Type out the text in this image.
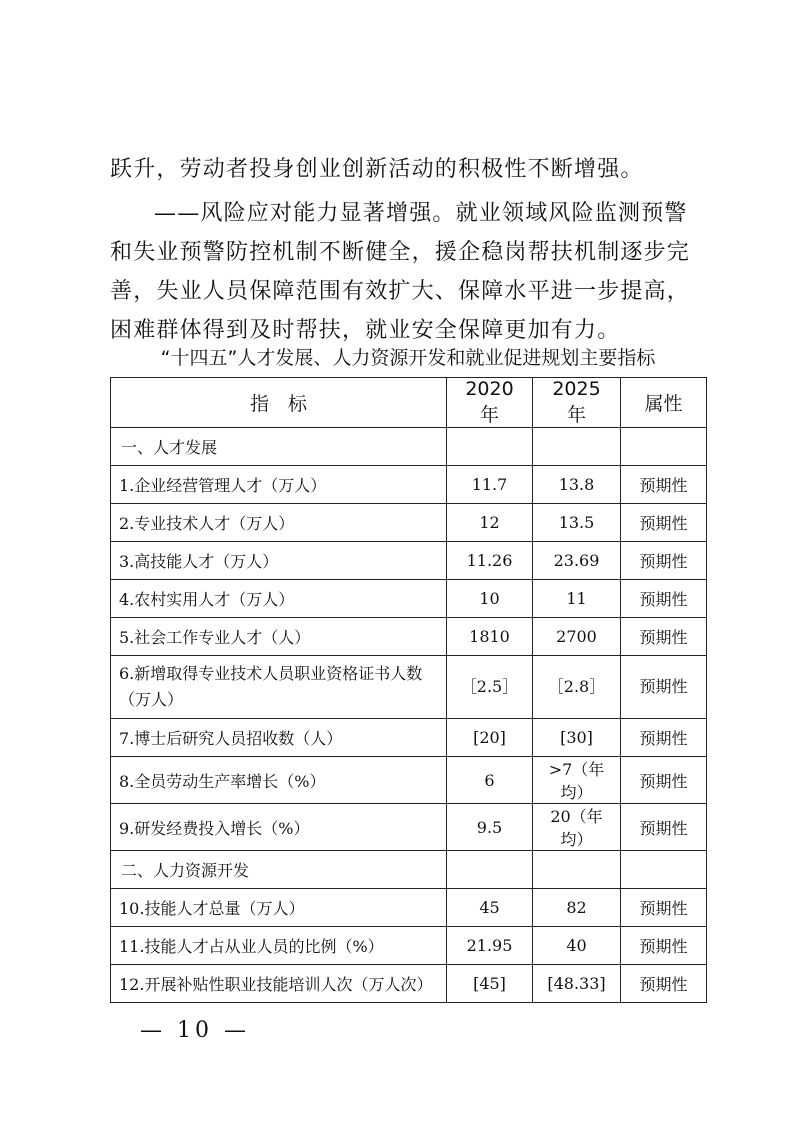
跃升，劳动者投身创业创新活动的积极性不断增强。

——风险应对能力显著增强。就业领域风险监测预警和失业预警防控机制不断健全，援企稳岗帮扶机制逐步完善，失业人员保障范围有效扩大、保障水平进一步提高，困难群体得到及时帮扶，就业安全保障更加有力。

“十四五”人才发展、人力资源开发和就业促进规划主要指标

指　标	2020 年	2025 年	属性
一、人才发展			
1.企业经营管理人才（万人）	11.7	13.8	预期性
2.专业技术人才（万人）	12	13.5	预期性
3.高技能人才（万人）	11.26	23.69	预期性
4.农村实用人才（万人）	10	11	预期性
5.社会工作专业人才（人）	1810	2700	预期性
6.新增取得专业技术人员职业资格证书人数（万人）	［2.5］	［2.8］	预期性
7.博士后研究人员招收数（人）	[20]	[30]	预期性
8.全员劳动生产率增长（%）	6	>7（年均）	预期性
9.研发经费投入增长（%）	9.5	20（年均）	预期性
二、人力资源开发			
10.技能人才总量（万人）	45	82	预期性
11.技能人才占从业人员的比例（%）	21.95	40	预期性
12.开展补贴性职业技能培训人次（万人次）	[45]	[48.33]	预期性

— 10 —
